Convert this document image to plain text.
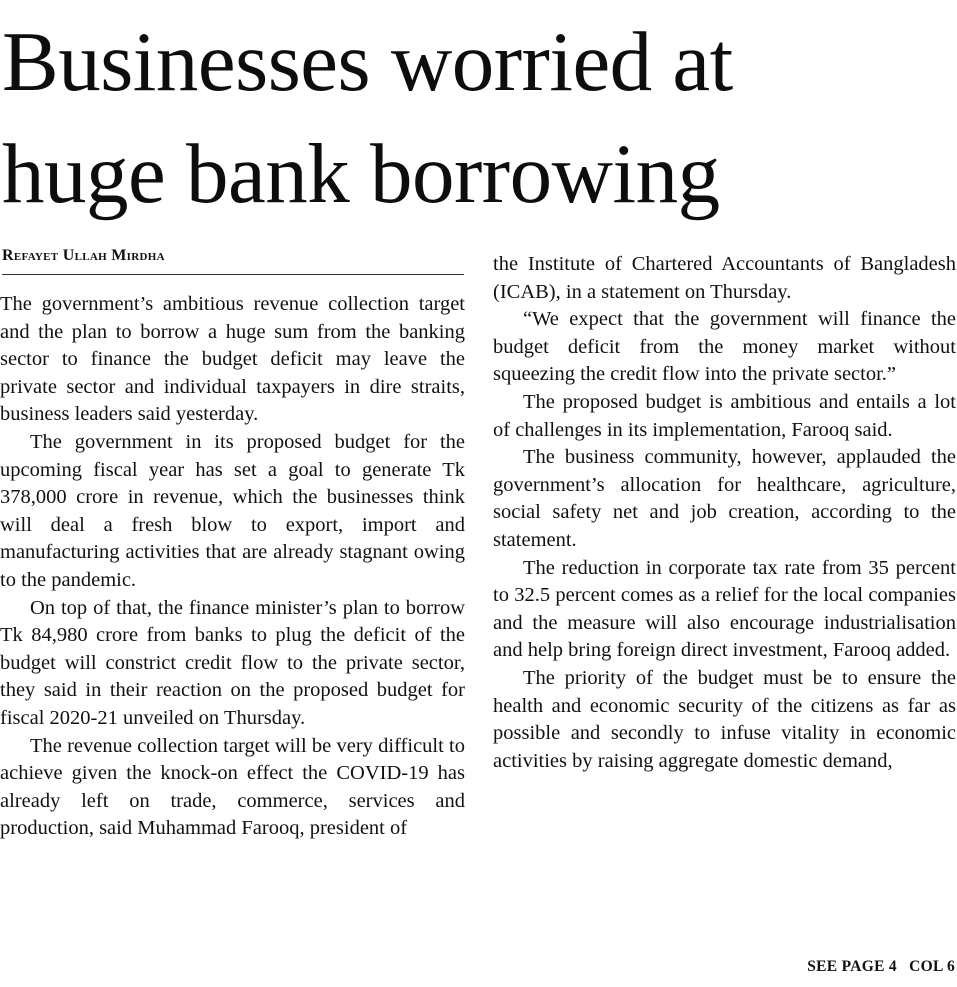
Businesses worried at
huge bank borrowing
Refayet Ullah Mirdha

The government’s ambitious revenue collection target and the plan to borrow a huge sum from the banking sector to finance the budget deficit may leave the private sector and individual taxpayers in dire straits, business leaders said yesterday.

The government in its proposed budget for the upcoming fiscal year has set a goal to generate Tk 378,000 crore in revenue, which the businesses think will deal a fresh blow to export, import and manufacturing activities that are already stagnant owing to the pandemic.

On top of that, the finance minister’s plan to borrow Tk 84,980 crore from banks to plug the deficit of the budget will constrict credit flow to the private sector, they said in their reaction on the proposed budget for fiscal 2020-21 unveiled on Thursday.

The revenue collection target will be very difficult to achieve given the knock-on effect the COVID-19 has already left on trade, commerce, services and production, said Muhammad Farooq, president of

the Institute of Chartered Accountants of Bangladesh (ICAB), in a statement on Thursday.

“We expect that the government will finance the budget deficit from the money market without squeezing the credit flow into the private sector.”

The proposed budget is ambitious and entails a lot of challenges in its implementation, Farooq said.

The business community, however, applauded the government’s allocation for healthcare, agriculture, social safety net and job creation, according to the statement.

The reduction in corporate tax rate from 35 percent to 32.5 percent comes as a relief for the local companies and the measure will also encourage industrialisation and help bring foreign direct investment, Farooq added.

The priority of the budget must be to ensure the health and economic security of the citizens as far as possible and secondly to infuse vitality in economic activities by raising aggregate domestic demand,

SEE PAGE 4 COL 6
